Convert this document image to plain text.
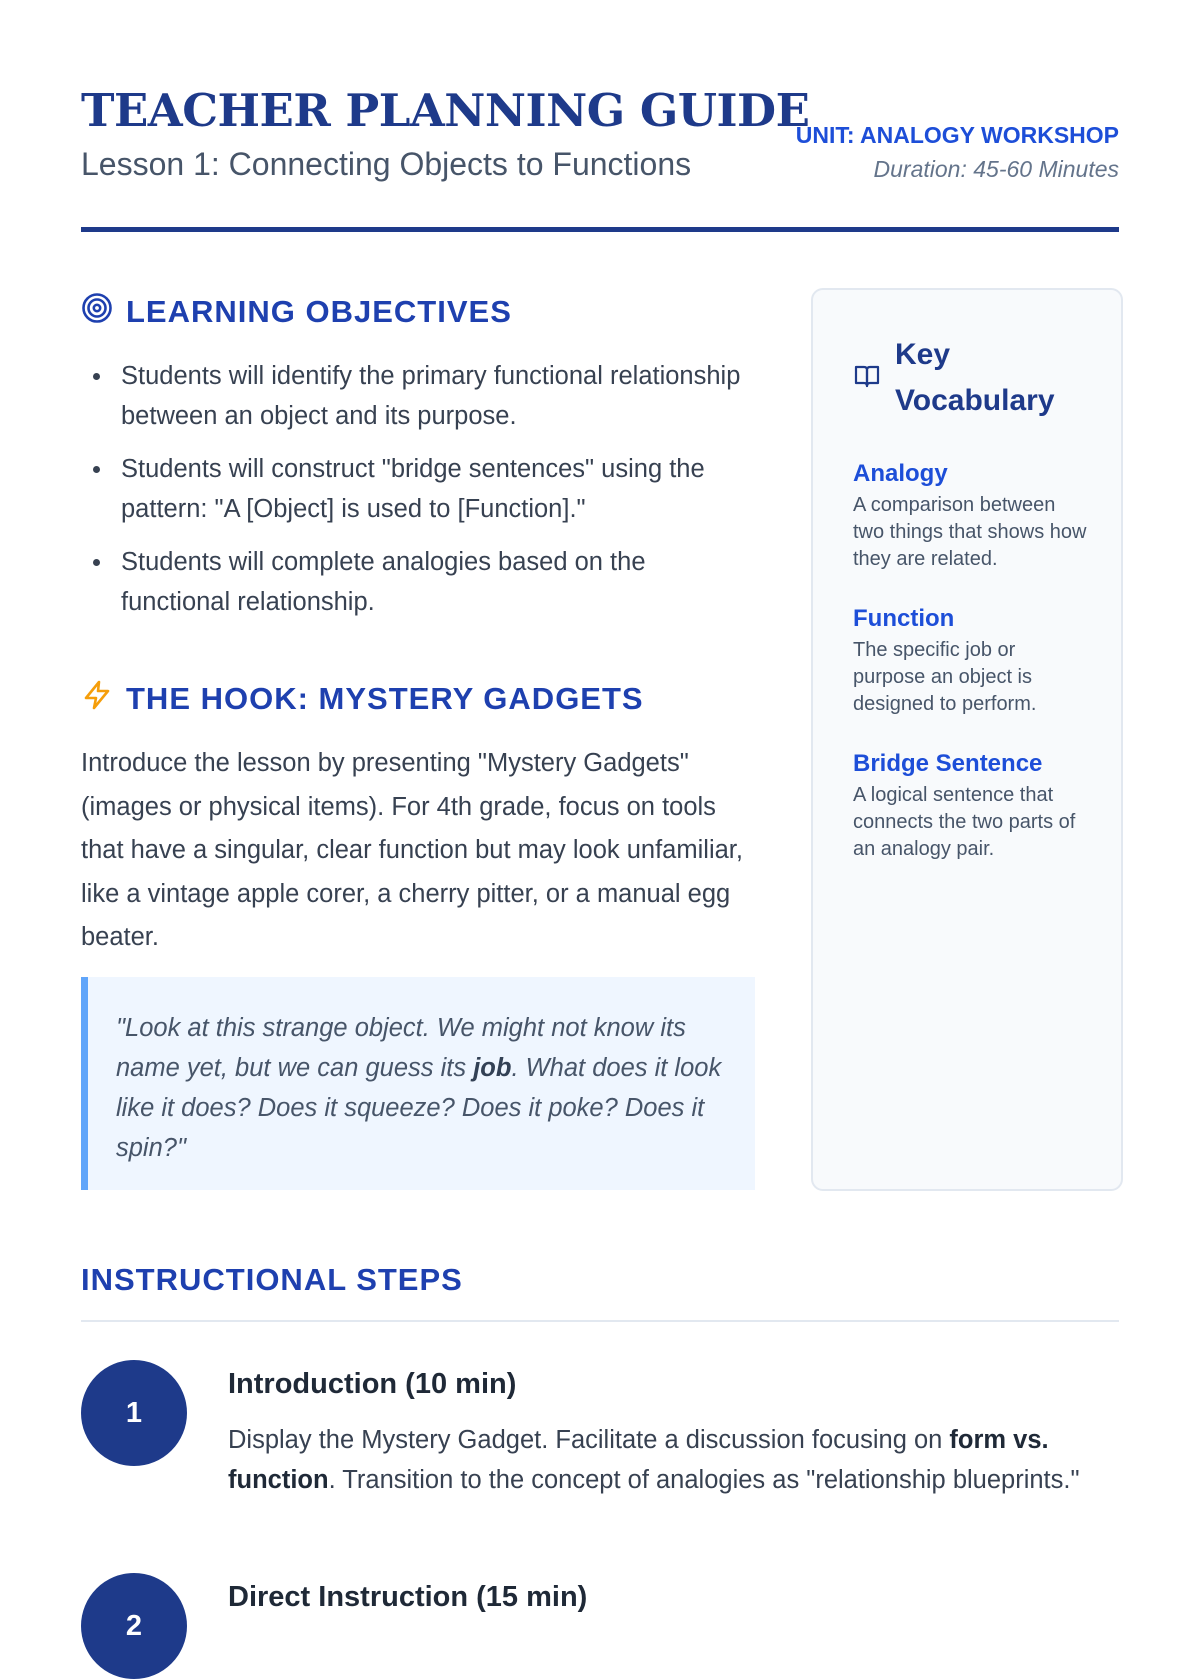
TEACHER PLANNING GUIDE
Lesson 1: Connecting Objects to Functions
UNIT: ANALOGY WORKSHOP
Duration: 45-60 Minutes
LEARNING OBJECTIVES
Students will identify the primary functional relationship between an object and its purpose.
Students will construct "bridge sentences" using the pattern: "A [Object] is used to [Function]."
Students will complete analogies based on the functional relationship.
THE HOOK: MYSTERY GADGETS
Introduce the lesson by presenting "Mystery Gadgets" (images or physical items). For 4th grade, focus on tools that have a singular, clear function but may look unfamiliar, like a vintage apple corer, a cherry pitter, or a manual egg beater.
"Look at this strange object. We might not know its name yet, but we can guess its job. What does it look like it does? Does it squeeze? Does it poke? Does it spin?"
Key Vocabulary
Analogy
A comparison between two things that shows how they are related.
Function
The specific job or purpose an object is designed to perform.
Bridge Sentence
A logical sentence that connects the two parts of an analogy pair.
INSTRUCTIONAL STEPS
1
Introduction (10 min)
Display the Mystery Gadget. Facilitate a discussion focusing on form vs. function. Transition to the concept of analogies as "relationship blueprints."
2
Direct Instruction (15 min)
